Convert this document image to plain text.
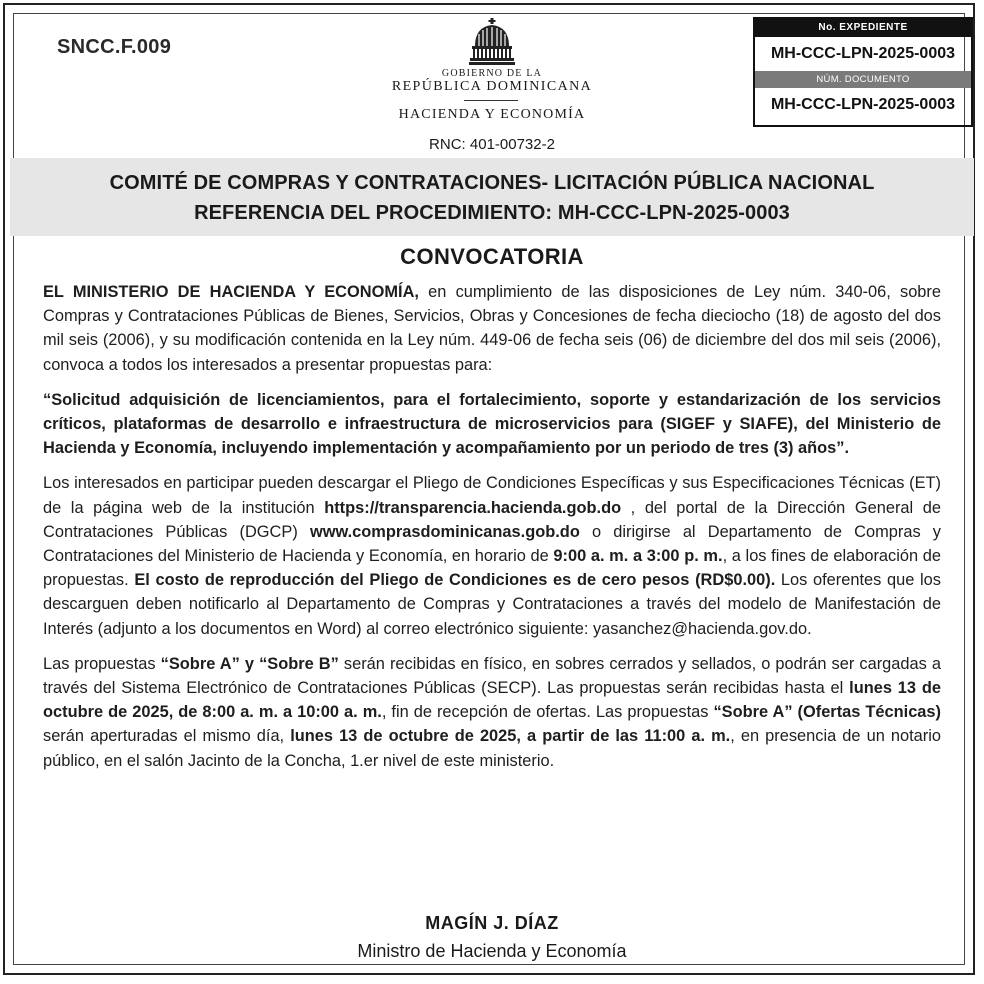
SNCC.F.009
GOBIERNO DE LA
REPÚBLICA DOMINICANA
HACIENDA Y ECONOMÍA
RNC: 401-00732-2
No. EXPEDIENTE
MH-CCC-LPN-2025-0003
NÚM. DOCUMENTO
MH-CCC-LPN-2025-0003
COMITÉ DE COMPRAS Y CONTRATACIONES- LICITACIÓN PÚBLICA NACIONAL
REFERENCIA DEL PROCEDIMIENTO: MH-CCC-LPN-2025-0003
CONVOCATORIA

EL MINISTERIO DE HACIENDA Y ECONOMÍA, en cumplimiento de las disposiciones de Ley núm. 340-06, sobre Compras y Contrataciones Públicas de Bienes, Servicios, Obras y Concesiones de fecha dieciocho (18) de agosto del dos mil seis (2006), y su modificación contenida en la Ley núm. 449-06 de fecha seis (06) de diciembre del dos mil seis (2006), convoca a todos los interesados a presentar propuestas para:

“Solicitud adquisición de licenciamientos, para el fortalecimiento, soporte y estandarización de los servicios críticos, plataformas de desarrollo e infraestructura de microservicios para (SIGEF y SIAFE), del Ministerio de Hacienda y Economía, incluyendo implementación y acompañamiento por un periodo de tres (3) años”.

Los interesados en participar pueden descargar el Pliego de Condiciones Específicas y sus Especificaciones Técnicas (ET) de la página web de la institución https://transparencia.hacienda.gob.do , del portal de la Dirección General de Contrataciones Públicas (DGCP) www.comprasdominicanas.gob.do o dirigirse al Departamento de Compras y Contrataciones del Ministerio de Hacienda y Economía, en horario de 9:00 a. m. a 3:00 p. m., a los fines de elaboración de propuestas. El costo de reproducción del Pliego de Condiciones es de cero pesos (RD$0.00). Los oferentes que los descarguen deben notificarlo al Departamento de Compras y Contrataciones a través del modelo de Manifestación de Interés (adjunto a los documentos en Word) al correo electrónico siguiente: yasanchez@hacienda.gov.do.

Las propuestas “Sobre A” y “Sobre B” serán recibidas en físico, en sobres cerrados y sellados, o podrán ser cargadas a través del Sistema Electrónico de Contrataciones Públicas (SECP). Las propuestas serán recibidas hasta el lunes 13 de octubre de 2025, de 8:00 a. m. a 10:00 a. m., fin de recepción de ofertas. Las propuestas “Sobre A” (Ofertas Técnicas) serán aperturadas el mismo día, lunes 13 de octubre de 2025, a partir de las 11:00 a. m., en presencia de un notario público, en el salón Jacinto de la Concha, 1.er nivel de este ministerio.

MAGÍN J. DÍAZ
Ministro de Hacienda y Economía
